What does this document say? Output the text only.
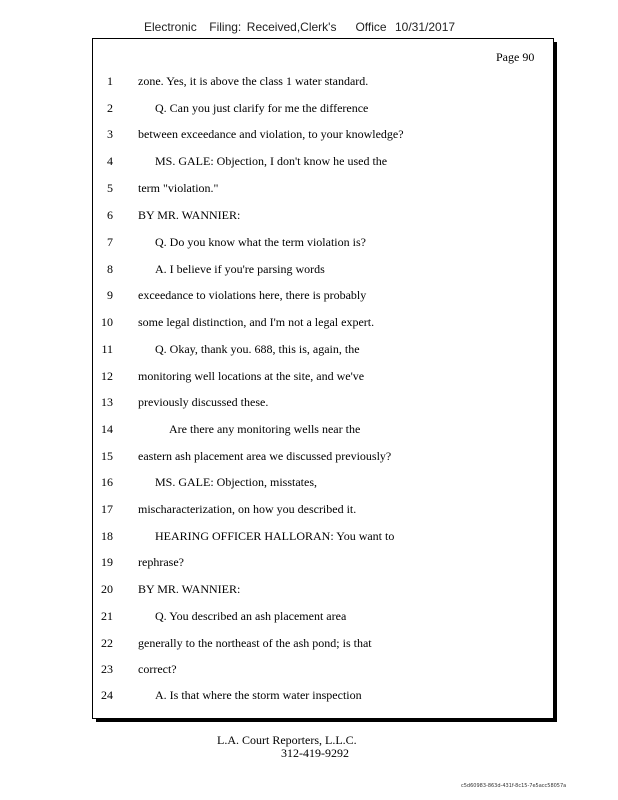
Electronic	Filing: Received,Clerk's	Office 10/31/2017
Page 90
1 zone. Yes, it is above the class 1 water standard.
2	Q. Can you just clarify for me the difference
3 between exceedance and violation, to your knowledge?
4	MS. GALE: Objection, I don't know he used the
5 term "violation."
6 BY MR. WANNIER:
7	Q. Do you know what the term violation is?
8	A. I believe if you're parsing words
9 exceedance to violations here, there is probably
10 some legal distinction, and I'm not a legal expert.
11	Q. Okay, thank you. 688, this is, again, the
12 monitoring well locations at the site, and we've
13 previously discussed these.
14	Are there any monitoring wells near the
15 eastern ash placement area we discussed previously?
16	MS. GALE: Objection, misstates,
17 mischaracterization, on how you described it.
18	HEARING OFFICER HALLORAN: You want to
19 rephrase?
20 BY MR. WANNIER:
21	Q. You described an ash placement area
22 generally to the northeast of the ash pond; is that
23 correct?
24	A. Is that where the storm water inspection
L.A. Court Reporters, L.L.C.
312-419-9292
c5d60983-863d-431f-8c15-7e5acc58057a
